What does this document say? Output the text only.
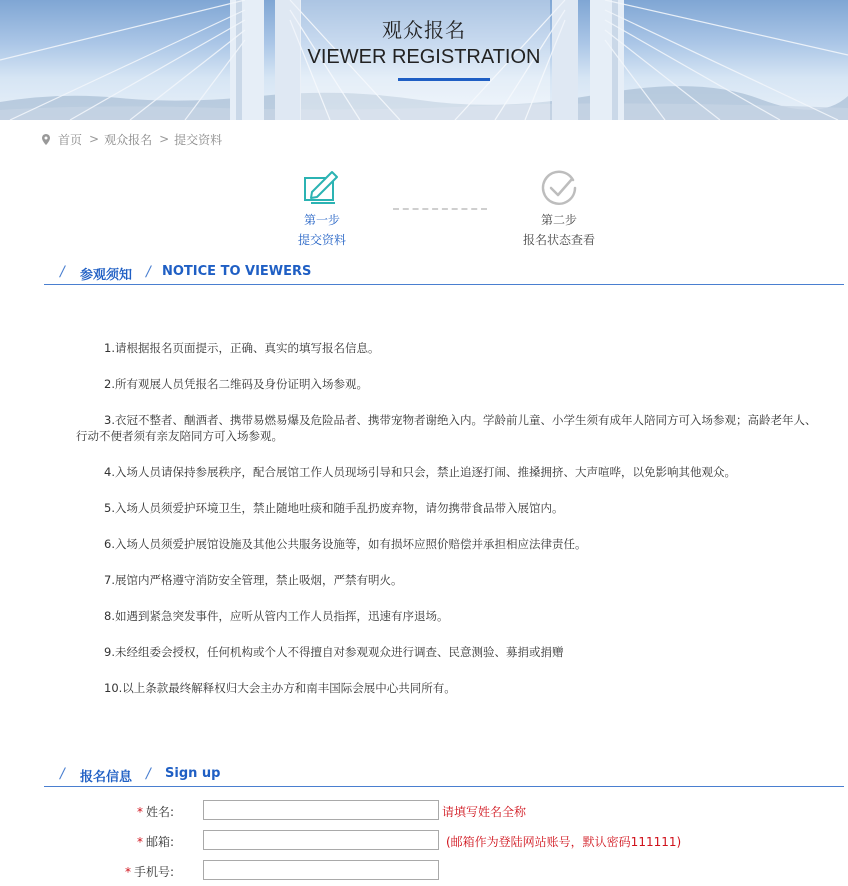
观众报名
VIEWER REGISTRATION
首页 > 观众报名 > 提交资料
第一步
提交资料
第二步
报名状态查看
/ 参观须知 / NOTICE TO VIEWERS

1.请根据报名页面提示，正确、真实的填写报名信息。

2.所有观展人员凭报名二维码及身份证明入场参观。

3.衣冠不整者、酗酒者、携带易燃易爆及危险品者、携带宠物者谢绝入内。学龄前儿童、小学生须有成年人陪同方可入场参观；高龄老年人、行动不便者须有亲友陪同方可入场参观。

4.入场人员请保持参展秩序，配合展馆工作人员现场引导和只会，禁止追逐打闹、推搡拥挤、大声喧哗，以免影响其他观众。

5.入场人员须爱护环境卫生，禁止随地吐痰和随手乱扔废弃物，请勿携带食品带入展馆内。

6.入场人员须爱护展馆设施及其他公共服务设施等，如有损坏应照价赔偿并承担相应法律责任。

7.展馆内严格遵守消防安全管理，禁止吸烟，严禁有明火。

8.如遇到紧急突发事件，应听从管内工作人员指挥，迅速有序退场。

9.未经组委会授权，任何机构或个人不得擅自对参观观众进行调查、民意测验、募捐或捐赠

10.以上条款最终解释权归大会主办方和南丰国际会展中心共同所有。

/ 报名信息 / Sign up
* 姓名:	请填写姓名全称
* 邮箱:	(邮箱作为登陆网站账号，默认密码111111)
* 手机号:
